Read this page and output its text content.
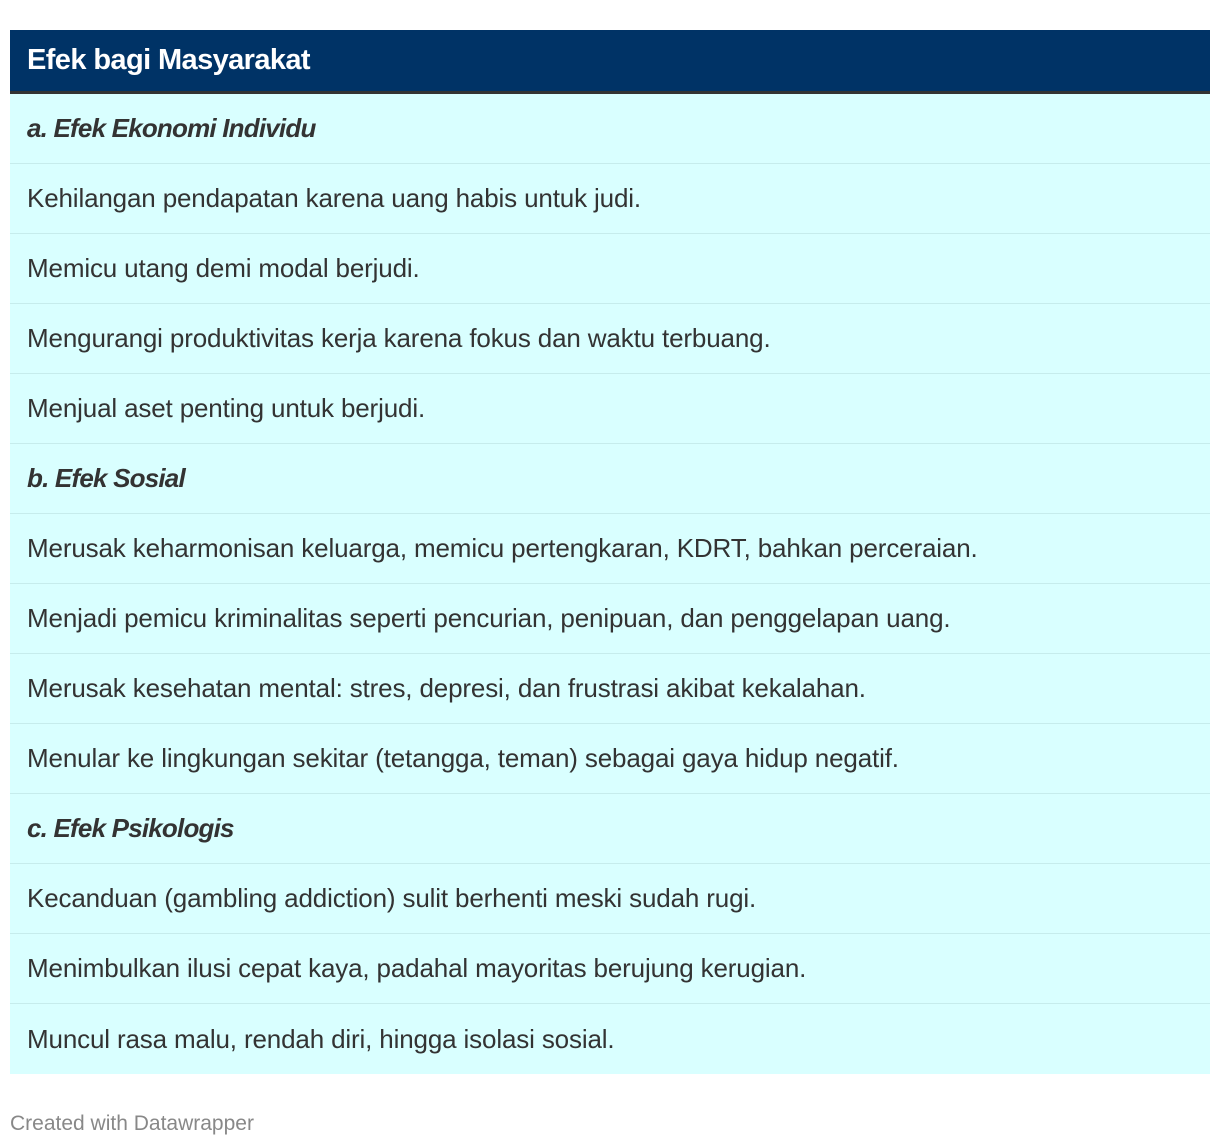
Efek bagi Masyarakat
a. Efek Ekonomi Individu
Kehilangan pendapatan karena uang habis untuk judi.
Memicu utang demi modal berjudi.
Mengurangi produktivitas kerja karena fokus dan waktu terbuang.
Menjual aset penting untuk berjudi.
b. Efek Sosial
Merusak keharmonisan keluarga, memicu pertengkaran, KDRT, bahkan perceraian.
Menjadi pemicu kriminalitas seperti pencurian, penipuan, dan penggelapan uang.
Merusak kesehatan mental: stres, depresi, dan frustrasi akibat kekalahan.
Menular ke lingkungan sekitar (tetangga, teman) sebagai gaya hidup negatif.
c. Efek Psikologis
Kecanduan (gambling addiction) sulit berhenti meski sudah rugi.
Menimbulkan ilusi cepat kaya, padahal mayoritas berujung kerugian.
Muncul rasa malu, rendah diri, hingga isolasi sosial.
Created with Datawrapper
